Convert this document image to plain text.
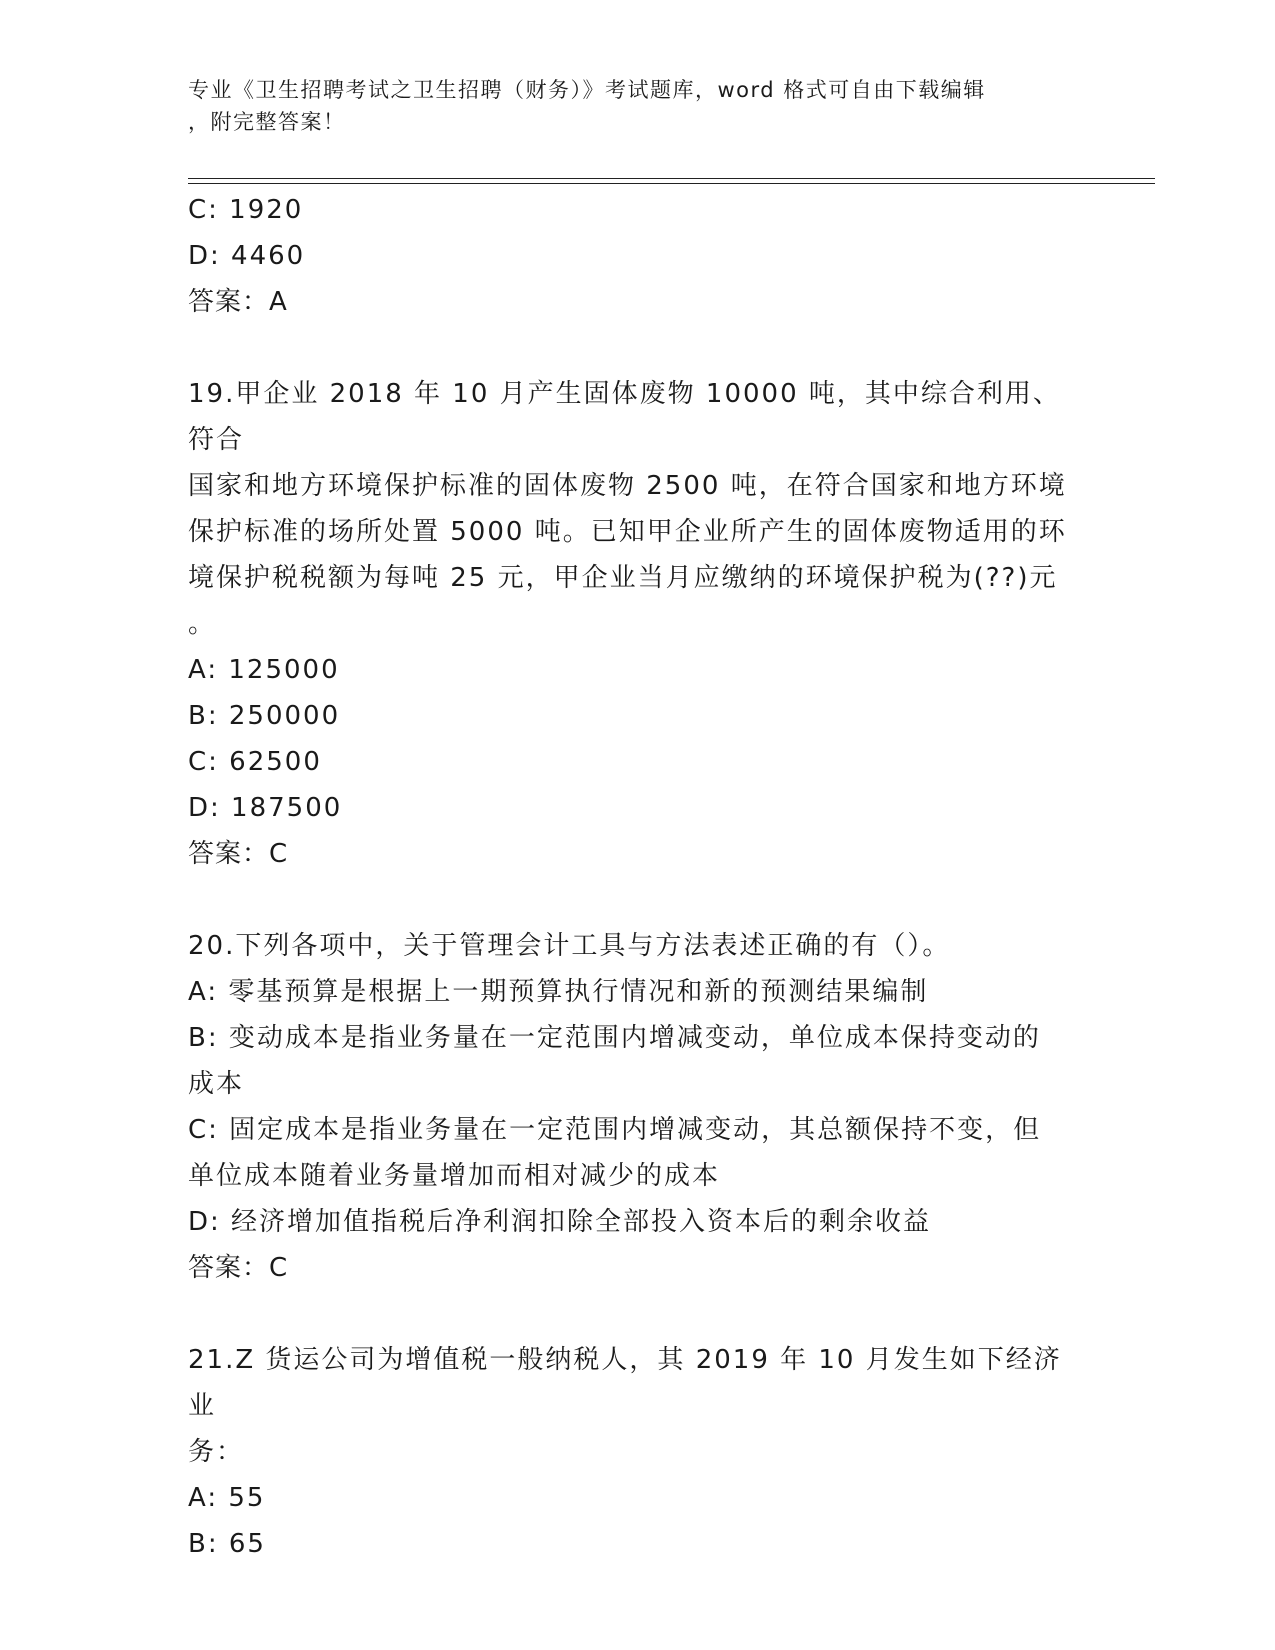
专业《卫生招聘考试之卫生招聘（财务）》考试题库，word 格式可自由下载编辑

，附完整答案！

C: 1920

D: 4460

答案：A

19.甲企业 2018 年 10 月产生固体废物 10000 吨，其中综合利用、符合

国家和地方环境保护标准的固体废物 2500 吨，在符合国家和地方环境

保护标准的场所处置 5000 吨。已知甲企业所产生的固体废物适用的环

境保护税税额为每吨 25 元，甲企业当月应缴纳的环境保护税为(??)元

。

A: 125000

B: 250000

C: 62500

D: 187500

答案：C

20.下列各项中，关于管理会计工具与方法表述正确的有（）。

A: 零基预算是根据上一期预算执行情况和新的预测结果编制

B: 变动成本是指业务量在一定范围内增减变动，单位成本保持变动的

成本

C: 固定成本是指业务量在一定范围内增减变动，其总额保持不变，但

单位成本随着业务量增加而相对减少的成本

D: 经济增加值指税后净利润扣除全部投入资本后的剩余收益

答案：C

21.Z 货运公司为增值税一般纳税人，其 2019 年 10 月发生如下经济业

务：

A: 55

B: 65
